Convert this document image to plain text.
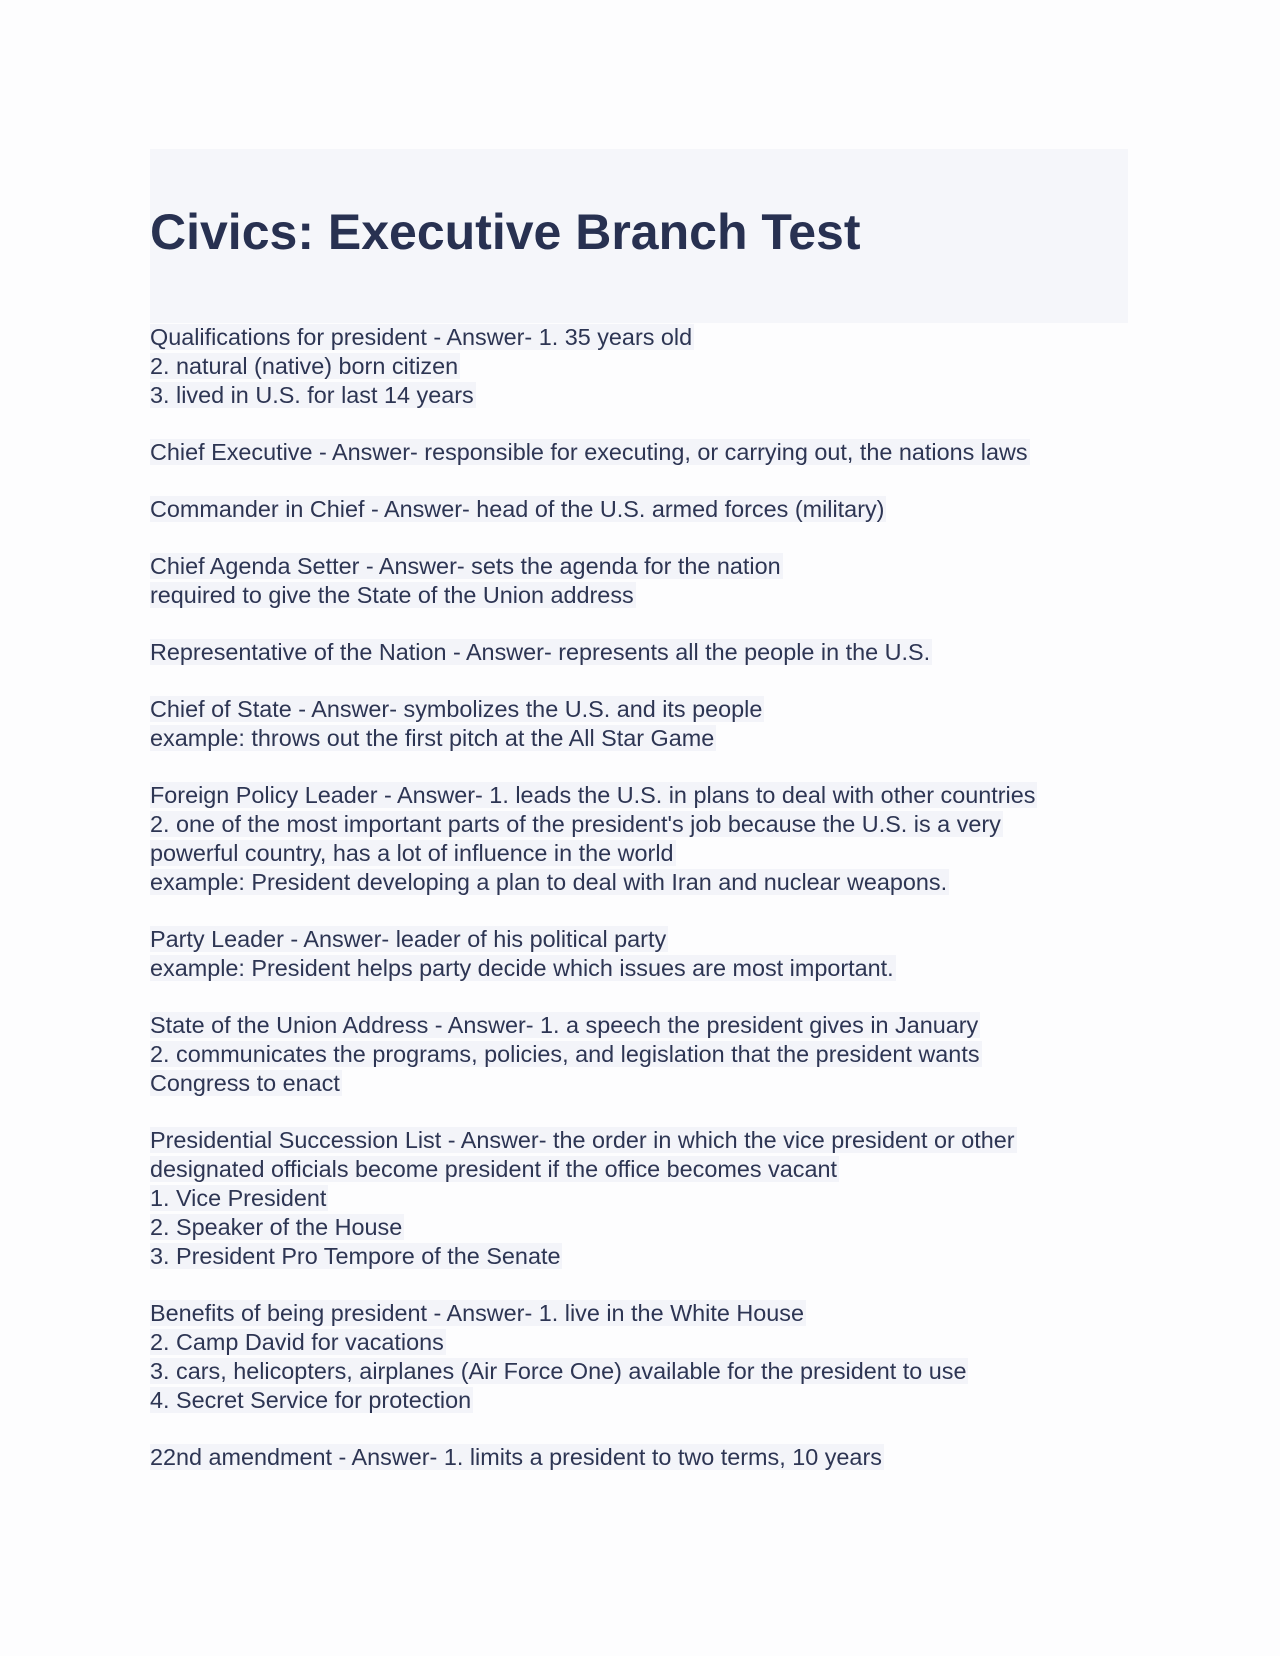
Civics: Executive Branch Test
Qualifications for president - Answer- 1. 35 years old
2. natural (native) born citizen
3. lived in U.S. for last 14 years
Chief Executive - Answer- responsible for executing, or carrying out, the nations laws
Commander in Chief - Answer- head of the U.S. armed forces (military)
Chief Agenda Setter - Answer- sets the agenda for the nation
required to give the State of the Union address
Representative of the Nation - Answer- represents all the people in the U.S.
Chief of State - Answer- symbolizes the U.S. and its people
example: throws out the first pitch at the All Star Game
Foreign Policy Leader - Answer- 1. leads the U.S. in plans to deal with other countries
2. one of the most important parts of the president's job because the U.S. is a very
powerful country, has a lot of influence in the world
example: President developing a plan to deal with Iran and nuclear weapons.
Party Leader - Answer- leader of his political party
example: President helps party decide which issues are most important.
State of the Union Address - Answer- 1. a speech the president gives in January
2. communicates the programs, policies, and legislation that the president wants
Congress to enact
Presidential Succession List - Answer- the order in which the vice president or other
designated officials become president if the office becomes vacant
1. Vice President
2. Speaker of the House
3. President Pro Tempore of the Senate
Benefits of being president - Answer- 1. live in the White House
2. Camp David for vacations
3. cars, helicopters, airplanes (Air Force One) available for the president to use
4. Secret Service for protection
22nd amendment - Answer- 1. limits a president to two terms, 10 years
